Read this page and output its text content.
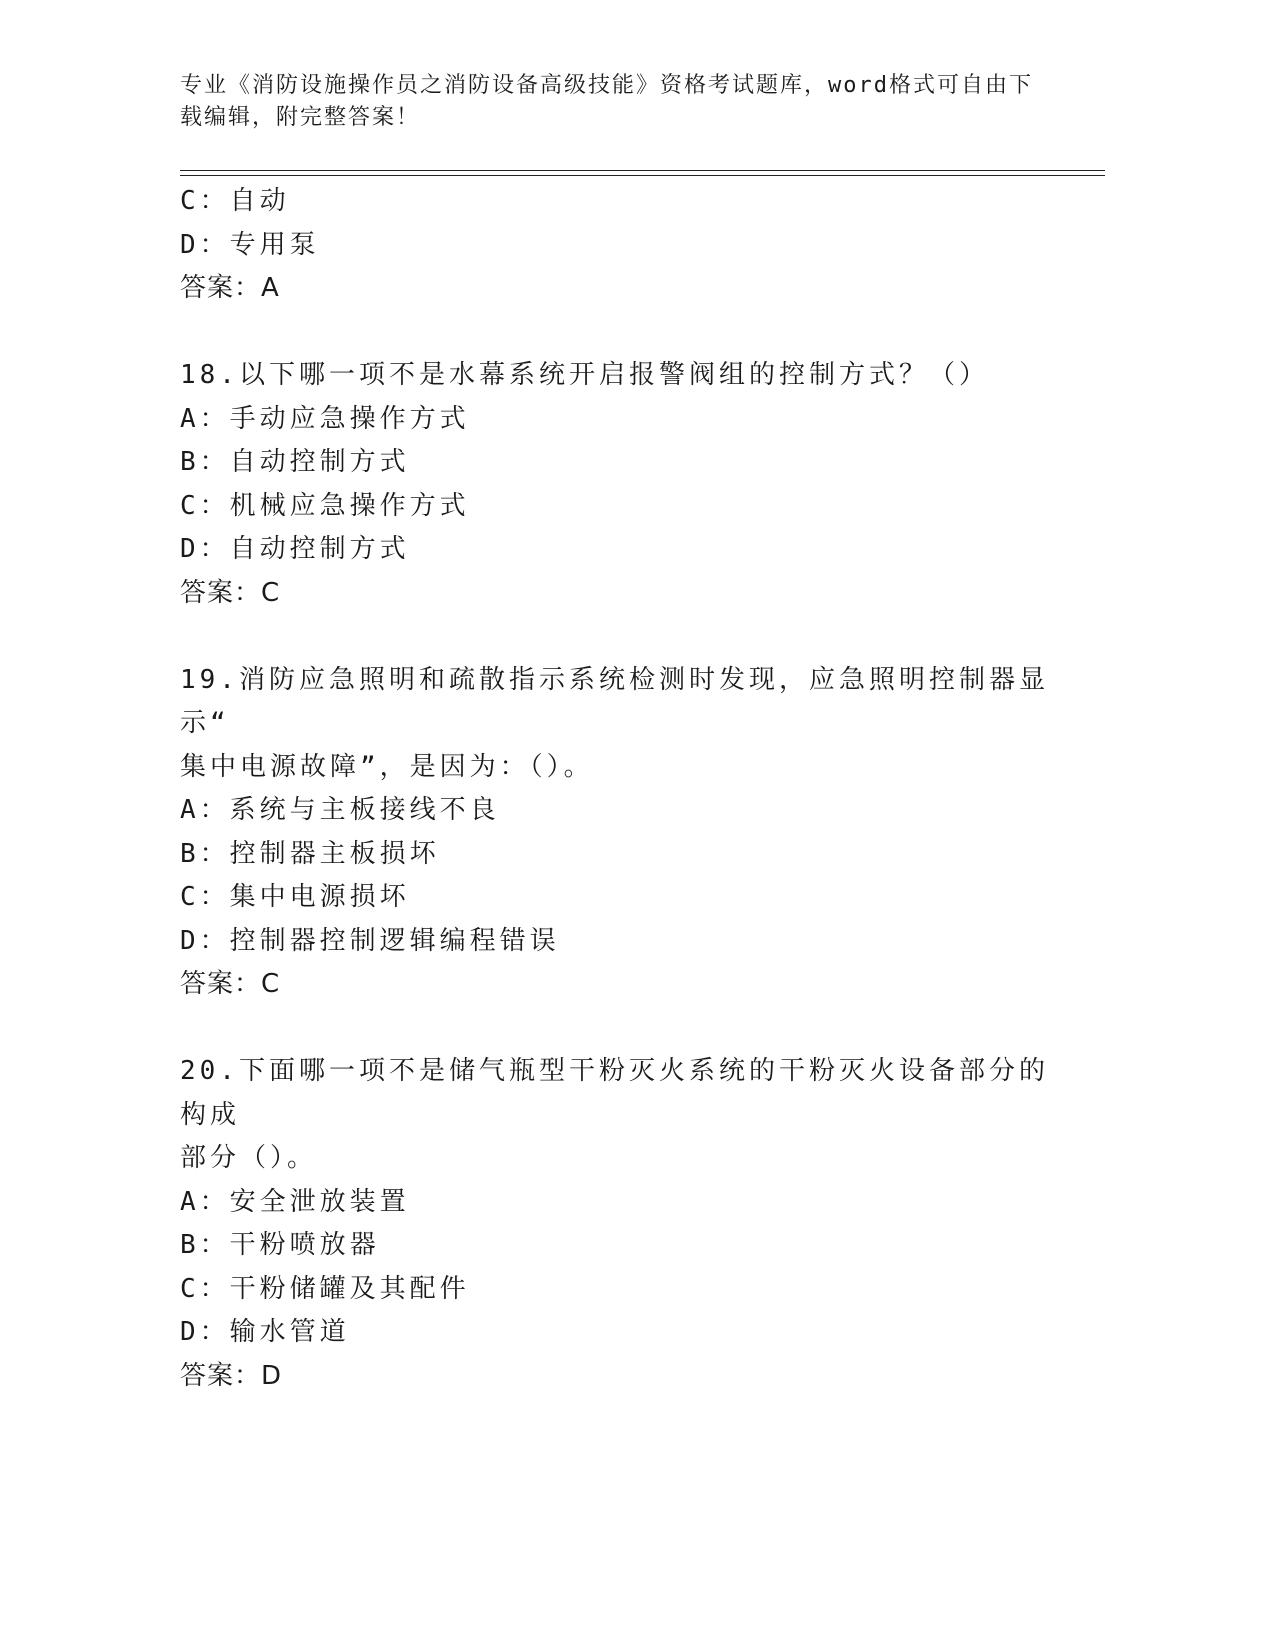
专业《消防设施操作员之消防设备高级技能》资格考试题库，word格式可自由下
载编辑，附完整答案！
C：自动
D：专用泵
答案：A
18.以下哪一项不是水幕系统开启报警阀组的控制方式？（）
A：手动应急操作方式
B：自动控制方式
C：机械应急操作方式
D：自动控制方式
答案：C
19.消防应急照明和疏散指示系统检测时发现，应急照明控制器显示“
集中电源故障”，是因为：（）。
A：系统与主板接线不良
B：控制器主板损坏
C：集中电源损坏
D：控制器控制逻辑编程错误
答案：C
20.下面哪一项不是储气瓶型干粉灭火系统的干粉灭火设备部分的构成
部分（）。
A：安全泄放装置
B：干粉喷放器
C：干粉储罐及其配件
D：输水管道
答案：D
